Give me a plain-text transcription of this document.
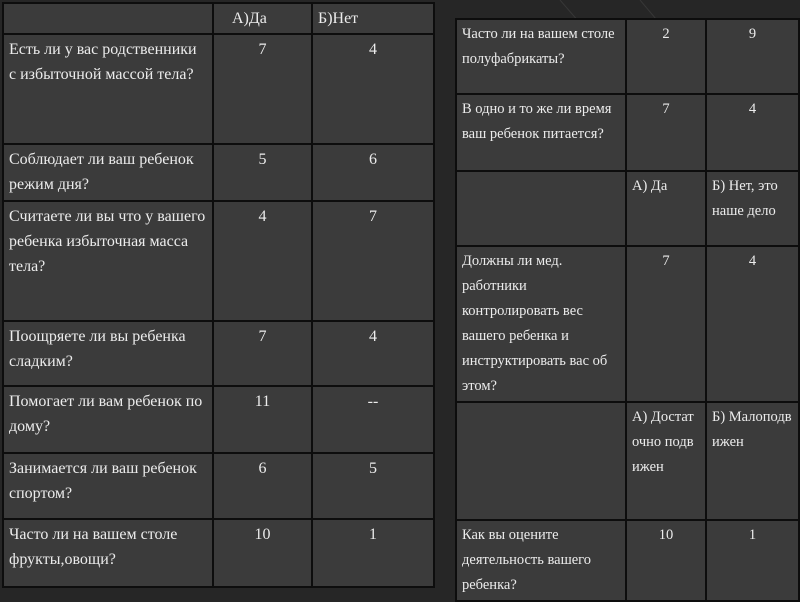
	А)Да	Б)Нет
Есть ли у вас родственники с избыточной массой тела?	7	4
Соблюдает ли ваш ребенок режим дня?	5	6
Считаете ли вы что у вашего ребенка избыточная масса тела?	4	7
Поощряете ли вы ребенка сладким?	7	4
Помогает ли вам ребенок по дому?	11	--
Занимается ли ваш ребенок спортом?	6	5
Часто ли на вашем столе фрукты,овощи?	10	1
Часто ли на вашем столе полуфабрикаты?	2	9
В одно и то же ли время ваш ребенок питается?	7	4
	А) Да	Б) Нет, это наше дело
Должны ли мед. работники контролировать вес вашего ребенка и инструктировать вас об этом?	7	4
	А) Достаточно подвижен	Б) Малоподвижен
Как вы оцените деятельность вашего ребенка?	10	1
